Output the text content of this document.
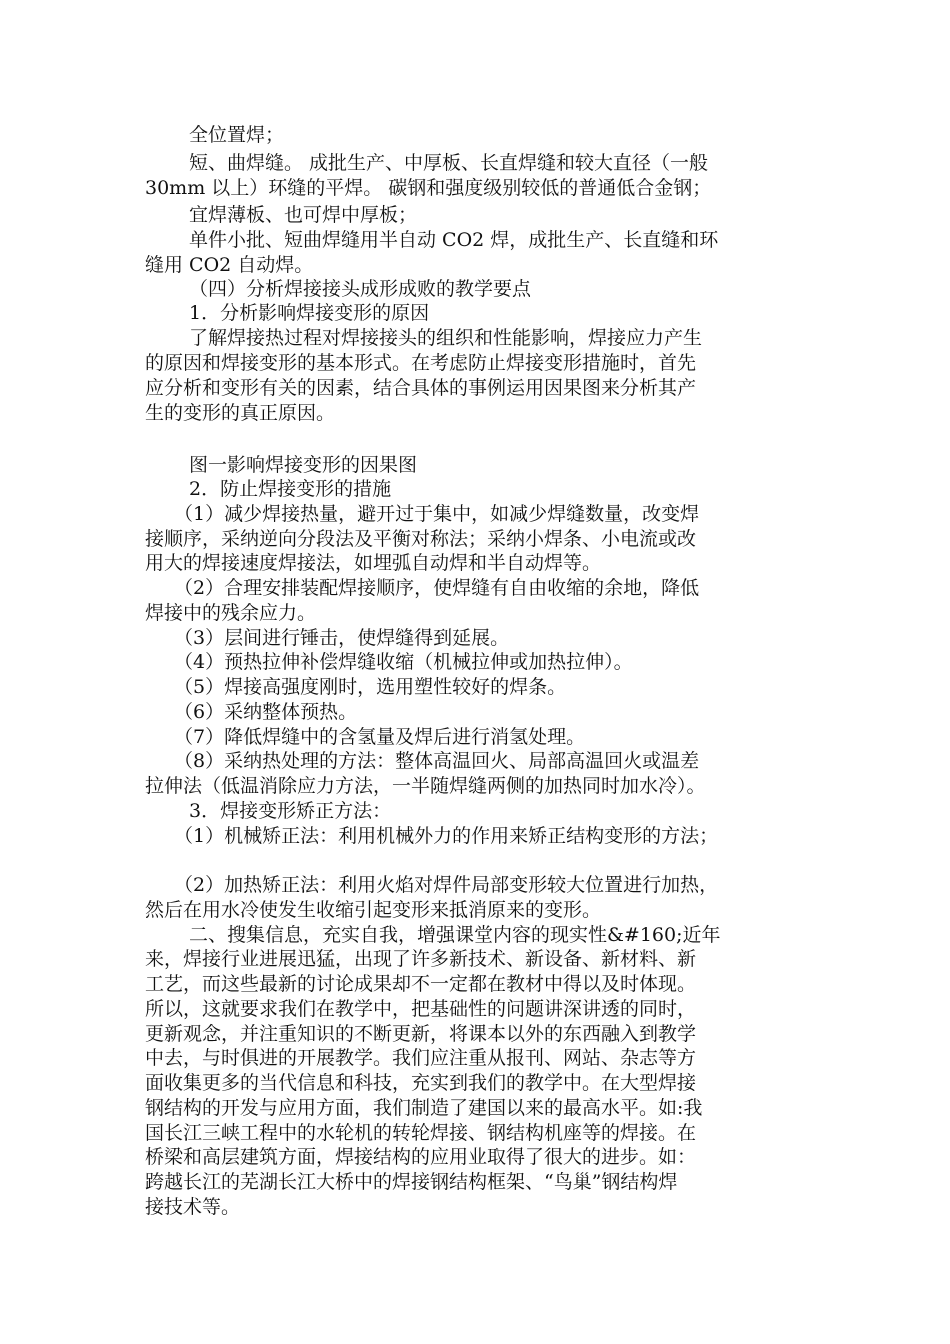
全位置焊；
短、曲焊缝。 成批生产、中厚板、长直焊缝和较大直径（一般
30mm 以上）环缝的平焊。 碳钢和强度级别较低的普通低合金钢；
宜焊薄板、也可焊中厚板；
单件小批、短曲焊缝用半自动 CO2 焊，成批生产、长直缝和环
缝用 CO2 自动焊。
（四）分析焊接接头成形成败的教学要点
1．分析影响焊接变形的原因
了解焊接热过程对焊接接头的组织和性能影响，焊接应力产生
的原因和焊接变形的基本形式。在考虑防止焊接变形措施时，首先
应分析和变形有关的因素，结合具体的事例运用因果图来分析其产
生的变形的真正原因。
图一影响焊接变形的因果图
2．防止焊接变形的措施
（1）减少焊接热量，避开过于集中，如减少焊缝数量，改变焊
接顺序，采纳逆向分段法及平衡对称法；采纳小焊条、小电流或改
用大的焊接速度焊接法，如埋弧自动焊和半自动焊等。
（2）合理安排装配焊接顺序，使焊缝有自由收缩的余地，降低
焊接中的残余应力。
（3）层间进行锤击，使焊缝得到延展。
（4）预热拉伸补偿焊缝收缩（机械拉伸或加热拉伸）。
（5）焊接高强度刚时，选用塑性较好的焊条。
（6）采纳整体预热。
（7）降低焊缝中的含氢量及焊后进行消氢处理。
（8）采纳热处理的方法：整体高温回火、局部高温回火或温差
拉伸法（低温消除应力方法，一半随焊缝两侧的加热同时加水冷）。
3．焊接变形矫正方法：
（1）机械矫正法：利用机械外力的作用来矫正结构变形的方法；
（2）加热矫正法：利用火焰对焊件局部变形较大位置进行加热，
然后在用水冷使发生收缩引起变形来抵消原来的变形。
二、搜集信息，充实自我，增强课堂内容的现实性&#160;近年
来，焊接行业进展迅猛，出现了许多新技术、新设备、新材料、新
工艺，而这些最新的讨论成果却不一定都在教材中得以及时体现。
所以，这就要求我们在教学中，把基础性的问题讲深讲透的同时，
更新观念，并注重知识的不断更新，将课本以外的东西融入到教学
中去，与时俱进的开展教学。我们应注重从报刊、网站、杂志等方
面收集更多的当代信息和科技，充实到我们的教学中。在大型焊接
钢结构的开发与应用方面，我们制造了建国以来的最高水平。如:我
国长江三峡工程中的水轮机的转轮焊接、钢结构机座等的焊接。在
桥梁和高层建筑方面，焊接结构的应用业取得了很大的进步。如：
跨越长江的芜湖长江大桥中的焊接钢结构框架、“鸟巢”钢结构焊
接技术等。
